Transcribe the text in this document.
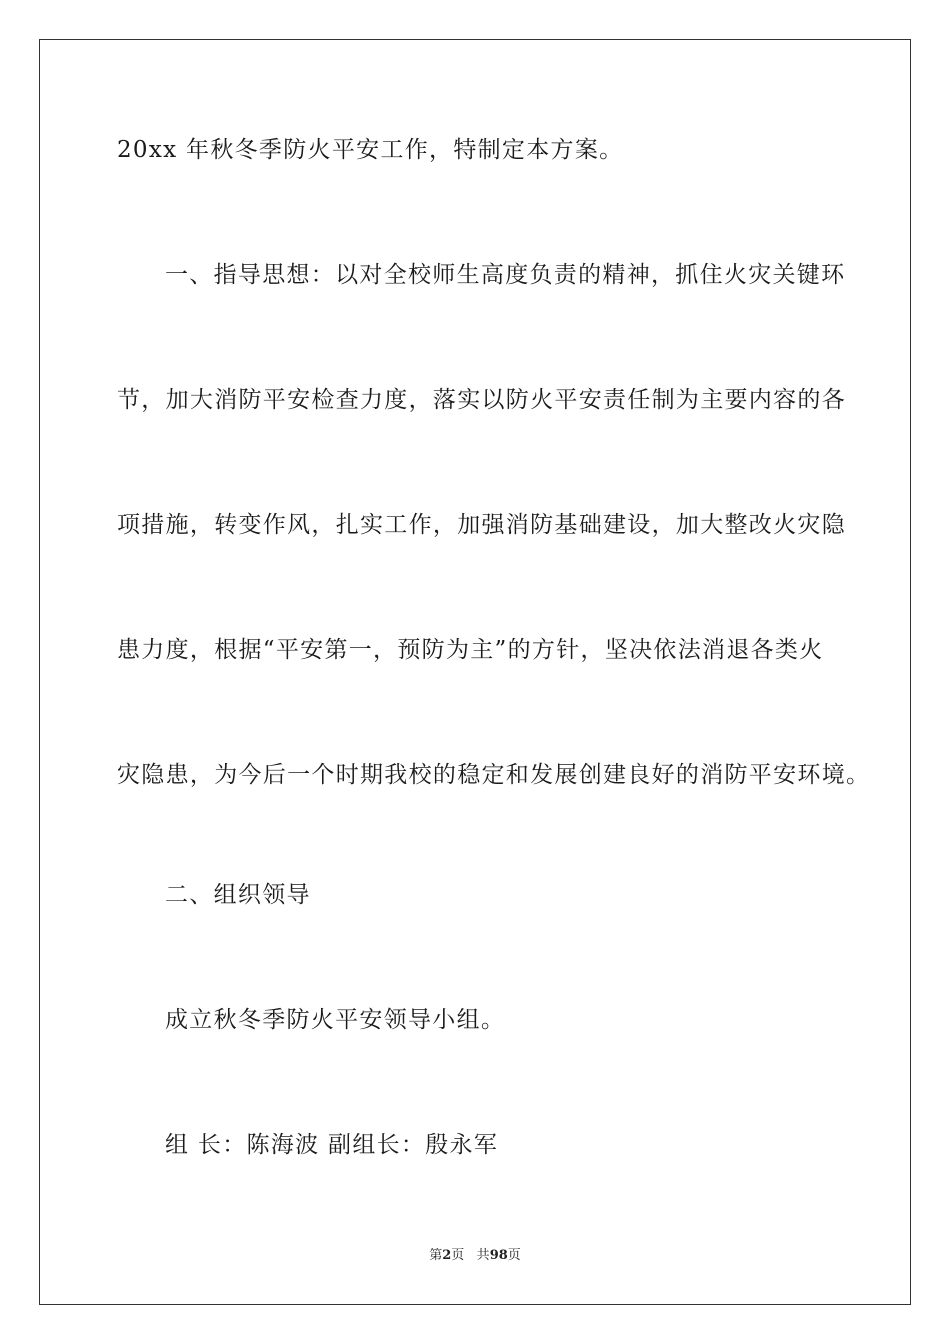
20xx 年秋冬季防火平安工作，特制定本方案。
一、指导思想：以对全校师生高度负责的精神，抓住火灾关键环
节，加大消防平安检查力度，落实以防火平安责任制为主要内容的各
项措施，转变作风，扎实工作，加强消防基础建设，加大整改火灾隐
患力度，根据“平安第一，预防为主”的方针，坚决依法消退各类火
灾隐患，为今后一个时期我校的稳定和发展创建良好的消防平安环境。
二、组织领导
成立秋冬季防火平安领导小组。
组 长：陈海波 副组长：殷永军
第2页 共98页
